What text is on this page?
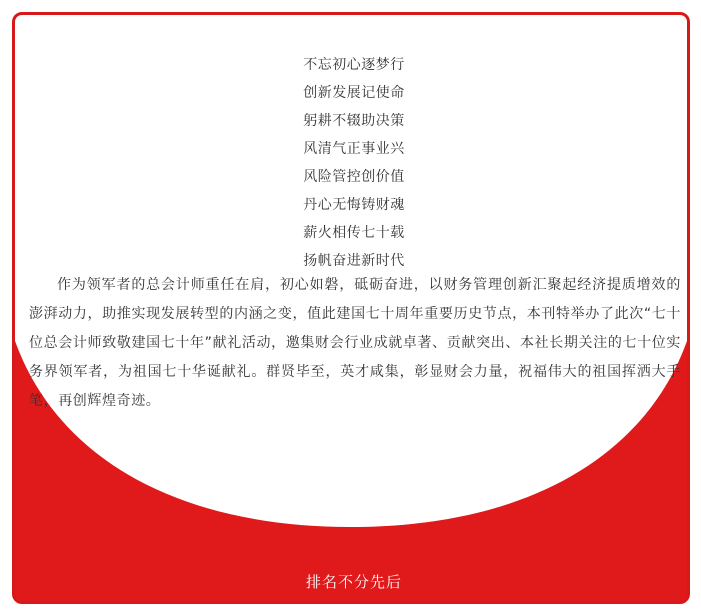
不忘初心逐梦行
创新发展记使命
躬耕不辍助决策
风清气正事业兴
风险管控创价值
丹心无悔铸财魂
薪火相传七十载
扬帆奋进新时代

作为领军者的总会计师重任在肩，初心如磐，砥砺奋进，以财务管理创新汇聚起经济提质增效的澎湃动力，助推实现发展转型的内涵之变，值此建国七十周年重要历史节点，本刊特举办了此次“七十位总会计师致敬建国七十年”献礼活动，邀集财会行业成就卓著、贡献突出、本社长期关注的七十位实务界领军者，为祖国七十华诞献礼。群贤毕至，英才咸集，彰显财会力量，祝福伟大的祖国挥洒大手笔，再创辉煌奇迹。

排名不分先后
